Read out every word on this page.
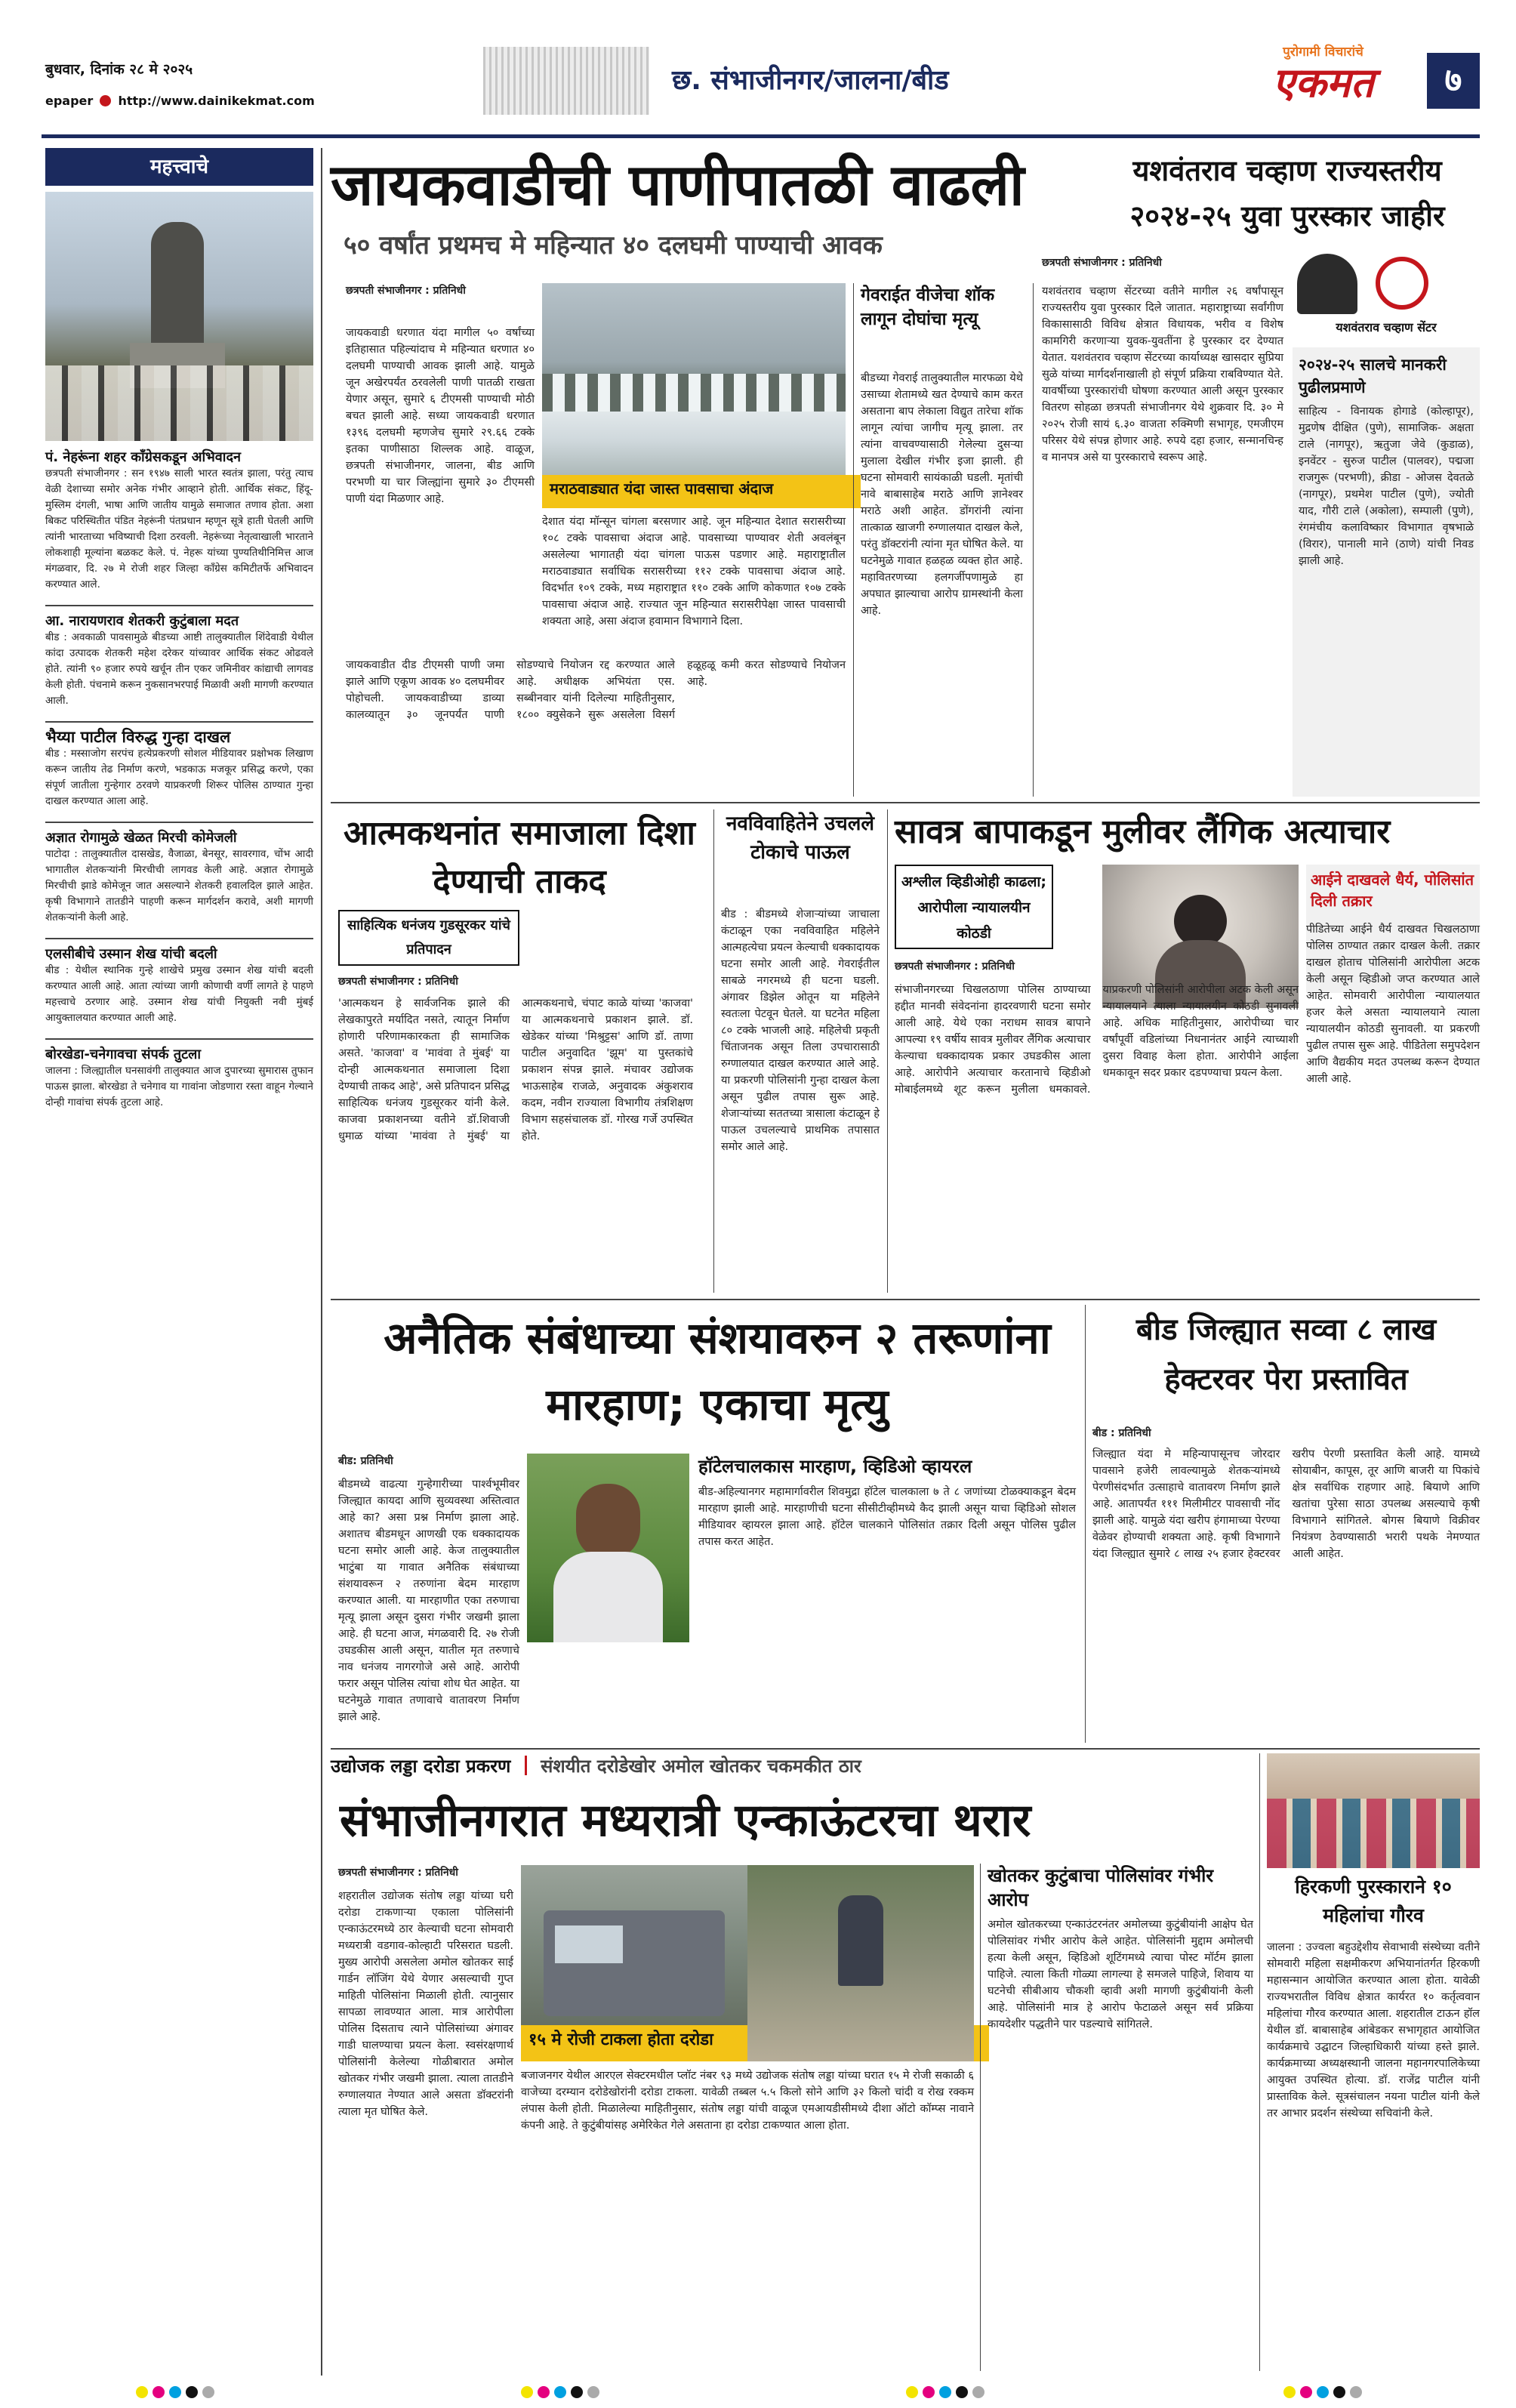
बुधवार, दिनांक २८ मे २०२५
epaper http://www.dainikekmat.com
छ. संभाजीनगर/जालना/बीड
पुरोगामी विचारांचे
एकमत	७
महत्त्वाचे
पं. नेहरूंना शहर काँग्रेसकडून अभिवादन
छत्रपती संभाजीनगर : सन १९४७ साली भारत स्वतंत्र झाला, परंतु त्याच वेळी देशाच्या समोर अनेक गंभीर आव्हाने होती. आर्थिक संकट, हिंदू-मुस्लिम दंगली, भाषा आणि जातीय यामुळे समाजात तणाव होता. अशा बिकट परिस्थितीत पंडित नेहरूंनी पंतप्रधान म्हणून सूत्रे हाती घेतली आणि त्यांनी भारताच्या भविष्याची दिशा ठरवली. नेहरूंच्या नेतृत्वाखाली भारताने लोकशाही मूल्यांना बळकट केले. पं. नेहरू यांच्या पुण्यतिथीनिमित्त आज मंगळवार, दि. २७ मे रोजी शहर जिल्हा काँग्रेस कमिटीतर्फे अभिवादन करण्यात आले.
आ. नारायणराव शेतकरी कुटुंबाला मदत
बीड : अवकाळी पावसामुळे बीडच्या आष्टी तालुक्यातील शिंदेवाडी येथील कांदा उत्पादक शेतकरी महेश दरेकर यांच्यावर आर्थिक संकट ओढवले होते. त्यांनी ९० हजार रुपये खर्चून तीन एकर जमिनीवर कांद्याची लागवड केली होती. पंचनामे करून नुकसानभरपाई मिळावी अशी मागणी करण्यात आली.
भैय्या पाटील विरुद्ध गुन्हा दाखल
बीड : मस्साजोग सरपंच हत्येप्रकरणी सोशल मीडियावर प्रक्षोभक लिखाण करून जातीय तेढ निर्माण करणे, भडकाऊ मजकूर प्रसिद्ध करणे, एका संपूर्ण जातीला गुन्हेगार ठरवणे याप्रकरणी शिरूर पोलिस ठाण्यात गुन्हा दाखल करण्यात आला आहे.
अज्ञात रोगामुळे खेळत मिरची कोमेजली
पाटोदा : तालुक्यातील दासखेड, वैजाळा, बेनसूर, सावरगाव, चोंभ आदी भागातील शेतकऱ्यांनी मिरचीची लागवड केली आहे. अज्ञात रोगामुळे मिरचीची झाडे कोमेजून जात असल्याने शेतकरी हवालदिल झाले आहेत. कृषी विभागाने तातडीने पाहणी करून मार्गदर्शन करावे, अशी मागणी शेतकऱ्यांनी केली आहे.
एलसीबीचे उस्मान शेख यांची बदली
बीड : येथील स्थानिक गुन्हे शाखेचे प्रमुख उस्मान शेख यांची बदली करण्यात आली आहे. आता त्यांच्या जागी कोणाची वर्णी लागते हे पाहणे महत्त्वाचे ठरणार आहे. उस्मान शेख यांची नियुक्ती नवी मुंबई आयुक्तालयात करण्यात आली आहे.
बोरखेडा-चनेगावचा संपर्क तुटला
जालना : जिल्ह्यातील घनसावंगी तालुक्यात आज दुपारच्या सुमारास तुफान पाऊस झाला. बोरखेडा ते चनेगाव या गावांना जोडणारा रस्ता वाहून गेल्याने दोन्ही गावांचा संपर्क तुटला आहे.
जायकवाडीची पाणीपातळी वाढली
५० वर्षांत प्रथमच मे महिन्यात ४० दलघमी पाण्याची आवक
छत्रपती संभाजीनगर : प्रतिनिधी
जायकवाडी धरणात यंदा मागील ५० वर्षांच्या इतिहासात पहिल्यांदाच मे महिन्यात धरणात ४० दलघमी पाण्याची आवक झाली आहे. यामुळे जून अखेरपर्यंत ठरवलेली पाणी पातळी राखता येणार असून, सुमारे ६ टीएमसी पाण्याची मोठी बचत झाली आहे. सध्या जायकवाडी धरणात १३९६ दलघमी म्हणजेच सुमारे २९.६६ टक्के इतका पाणीसाठा शिल्लक आहे. वाळूज, छत्रपती संभाजीनगर, जालना, बीड आणि परभणी या चार जिल्ह्यांना सुमारे ३० टीएमसी पाणी यंदा मिळणार आहे.
मराठवाड्यात यंदा जास्त पावसाचा अंदाज
देशात यंदा मॉन्सून चांगला बरसणार आहे. जून महिन्यात देशात सरासरीच्या १०८ टक्के पावसाचा अंदाज आहे. पावसाच्या पाण्यावर शेती अवलंबून असलेल्या भागातही यंदा चांगला पाऊस पडणार आहे. महाराष्ट्रातील मराठवाड्यात सर्वाधिक सरासरीच्या ११२ टक्के पावसाचा अंदाज आहे. विदर्भात १०९ टक्के, मध्य महाराष्ट्रात ११० टक्के आणि कोकणात १०७ टक्के पावसाचा अंदाज आहे. राज्यात जून महिन्यात सरासरीपेक्षा जास्त पावसाची शक्यता आहे, असा अंदाज हवामान विभागाने दिला.
जायकवाडीत दीड टीएमसी पाणी जमा झाले आणि एकूण आवक ४० दलघमीवर पोहोचली. जायकवाडीच्या डाव्या कालव्यातून ३० जूनपर्यंत पाणी सोडण्याचे नियोजन रद्द करण्यात आले आहे. अधीक्षक अभियंता एस. सब्बीनवार यांनी दिलेल्या माहितीनुसार, १८०० क्युसेकने सुरू असलेला विसर्ग हळूहळू कमी करत सोडण्याचे नियोजन आहे.
गेवराईत वीजेचा शॉक लागून दोघांचा मृत्यू
बीडच्या गेवराई तालुक्यातील मारफळा येथे उसाच्या शेतामध्ये खत देण्याचे काम करत असताना बाप लेकाला विद्युत तारेचा शॉक लागून त्यांचा जागीच मृत्यू झाला. तर त्यांना वाचवण्यासाठी गेलेल्या दुसऱ्या मुलाला देखील गंभीर इजा झाली. ही घटना सोमवारी सायंकाळी घडली. मृतांची नावे बाबासाहेब मराठे आणि ज्ञानेश्वर मराठे अशी आहेत. डोंगरांनी त्यांना तात्काळ खाजगी रुग्णालयात दाखल केले, परंतु डॉक्टरांनी त्यांना मृत घोषित केले. या घटनेमुळे गावात हळहळ व्यक्त होत आहे. महावितरणच्या हलगर्जीपणामुळे हा अपघात झाल्याचा आरोप ग्रामस्थांनी केला आहे.
यशवंतराव चव्हाण राज्यस्तरीय २०२४-२५ युवा पुरस्कार जाहीर
छत्रपती संभाजीनगर : प्रतिनिधी
यशवंतराव चव्हाण सेंटरच्या वतीने मागील २६ वर्षांपासून राज्यस्तरीय युवा पुरस्कार दिले जातात. महाराष्ट्राच्या सर्वांगीण विकासासाठी विविध क्षेत्रात विधायक, भरीव व विशेष कामगिरी करणाऱ्या युवक-युवतींना हे पुरस्कार दर देण्यात येतात. यशवंतराव चव्हाण सेंटरच्या कार्याध्यक्ष खासदार सुप्रिया सुळे यांच्या मार्गदर्शनाखाली हो संपूर्ण प्रक्रिया राबविण्यात येते. यावर्षीच्या पुरस्कारांची घोषणा करण्यात आली असून पुरस्कार वितरण सोहळा छत्रपती संभाजीनगर येथे शुक्रवार दि. ३० मे २०२५ रोजी सायं ६.३० वाजता रुक्मिणी सभागृह, एमजीएम परिसर येथे संपन्न होणार आहे. रुपये दहा हजार, सन्मानचिन्ह व मानपत्र असे या पुरस्काराचे स्वरूप आहे.
यशवंतराव चव्हाण सेंटर
२०२४-२५ सालचे मानकरी पुढीलप्रमाणे
साहित्य - विनायक होगाडे (कोल्हापूर), मुद्रणेष दीक्षित (पुणे), सामाजिक- अक्षता टाले (नागपूर), ऋतुजा जेवे (कुडाळ), इनवेंटर - सुरुज पाटील (पालवर), पद्मजा राजगुरू (परभणी), क्रीडा - ओजस देवतळे (नागपूर), प्रथमेश पाटील (पुणे), ज्योती याद, गौरी टाले (अकोला), सम्पाली (पुणे), रंगमंचीय कलाविष्कार विभागात वृषभाळे (विरार), पानाली माने (ठाणे) यांची निवड झाली आहे.
आत्मकथनांत समाजाला दिशा देण्याची ताकद
साहित्यिक धनंजय गुडसूरकर यांचे प्रतिपादन
छत्रपती संभाजीनगर : प्रतिनिधी
'आत्मकथन हे सार्वजनिक झाले की लेखकापुरते मर्यादित नसते, त्यातून निर्माण होणारी परिणामकारकता ही सामाजिक असते. 'काजवा' व 'मावंवा ते मुंबई' या दोन्ही आत्मकथनात समाजाला दिशा देण्याची ताकद आहे', असे प्रतिपादन प्रसिद्ध साहित्यिक धनंजय गुडसूरकर यांनी केले. काजवा प्रकाशनच्या वतीने डॉ.शिवाजी धुमाळ यांच्या 'मावंवा ते मुंबई' या आत्मकथनाचे, चंपाट काळे यांच्या 'काजवा' या आत्मकथनाचे प्रकाशन झाले. डॉ. खेडेकर यांच्या 'मिश्रुट्टस' आणि डॉ. ताणा पाटील अनुवादित 'झूम' या पुस्तकांचे प्रकाशन संपन्न झाले. मंचावर उद्योजक भाऊसाहेब राजळे, अनुवादक अंकुशराव कदम, नवीन राज्याला विभागीय तंत्रशिक्षण विभाग सहसंचालक डॉ. गोरख गर्जे उपस्थित होते.
नवविवाहितेने उचलले टोकाचे पाऊल
बीड : बीडमध्ये शेजाऱ्यांच्या जाचाला कंटाळून एका नवविवाहित महिलेने आत्महत्येचा प्रयत्न केल्याची धक्कादायक घटना समोर आली आहे. गेवराईतील साबळे नगरमध्ये ही घटना घडली. अंगावर डिझेल ओतून या महिलेने स्वतःला पेटवून घेतले. या घटनेत महिला ८० टक्के भाजली आहे. महिलेची प्रकृती चिंताजनक असून तिला उपचारासाठी रुग्णालयात दाखल करण्यात आले आहे. या प्रकरणी पोलिसांनी गुन्हा दाखल केला असून पुढील तपास सुरू आहे. शेजाऱ्यांच्या सततच्या त्रासाला कंटाळून हे पाऊल उचलल्याचे प्राथमिक तपासात समोर आले आहे.
सावत्र बापाकडून मुलीवर लैंगिक अत्याचार
अश्लील व्हिडीओही काढला; आरोपीला न्यायालयीन कोठडी
छत्रपती संभाजीनगर : प्रतिनिधी
संभाजीनगरच्या चिखलठाणा पोलिस ठाण्याच्या हद्दीत मानवी संवेदनांना हादरवणारी घटना समोर आली आहे. येथे एका नराधम सावत्र बापाने आपल्या १९ वर्षीय सावत्र मुलीवर लैंगिक अत्याचार केल्याचा धक्कादायक प्रकार उघडकीस आला आहे. आरोपीने अत्याचार करतानाचे व्हिडीओ मोबाईलमध्ये शूट करून मुलीला धमकावले. याप्रकरणी पोलिसांनी आरोपीला अटक केली असून न्यायालयाने त्याला न्यायालयीन कोठडी सुनावली आहे. अधिक माहितीनुसार, आरोपीच्या चार वर्षांपूर्वी वडिलांच्या निधनानंतर आईने त्याच्याशी दुसरा विवाह केला होता. आरोपीने आईला धमकावून सदर प्रकार दडपण्याचा प्रयत्न केला.
आईने दाखवले धैर्य, पोलिसांत दिली तक्रार
पीडितेच्या आईने धैर्य दाखवत चिखलठाणा पोलिस ठाण्यात तक्रार दाखल केली. तक्रार दाखल होताच पोलिसांनी आरोपीला अटक केली असून व्हिडीओ जप्त करण्यात आले आहेत. सोमवारी आरोपीला न्यायालयात हजर केले असता न्यायालयाने त्याला न्यायालयीन कोठडी सुनावली. या प्रकरणी पुढील तपास सुरू आहे. पीडितेला समुपदेशन आणि वैद्यकीय मदत उपलब्ध करून देण्यात आली आहे.
अनैतिक संबंधाच्या संशयावरुन २ तरूणांना मारहाण; एकाचा मृत्यु
बीड: प्रतिनिधी
बीडमध्ये वाढत्या गुन्हेगारीच्या पार्श्वभूमीवर जिल्ह्यात कायदा आणि सुव्यवस्था अस्तित्वात आहे का? असा प्रश्न निर्माण झाला आहे. अशातच बीडमधून आणखी एक धक्कादायक घटना समोर आली आहे. केज तालुक्यातील भाटुंबा या गावात अनैतिक संबंधाच्या संशयावरून २ तरुणांना बेदम मारहाण करण्यात आली. या मारहाणीत एका तरुणाचा मृत्यू झाला असून दुसरा गंभीर जखमी झाला आहे. ही घटना आज, मंगळवारी दि. २७ रोजी उघडकीस आली असून, यातील मृत तरुणाचे नाव धनंजय नागरगोजे असे आहे. आरोपी फरार असून पोलिस त्यांचा शोध घेत आहेत. या घटनेमुळे गावात तणावाचे वातावरण निर्माण झाले आहे.
हॉटेलचालकास मारहाण, व्हिडिओ व्हायरल
बीड-अहिल्यानगर महामार्गावरील शिवमुद्रा हॉटेल चालकाला ७ ते ८ जणांच्या टोळक्याकडून बेदम मारहाण झाली आहे. मारहाणीची घटना सीसीटीव्हीमध्ये कैद झाली असून याचा व्हिडिओ सोशल मीडियावर व्हायरल झाला आहे. हॉटेल चालकाने पोलिसांत तक्रार दिली असून पोलिस पुढील तपास करत आहेत.
बीड जिल्ह्यात सव्वा ८ लाख हेक्टरवर पेरा प्रस्तावित
बीड : प्रतिनिधी
जिल्ह्यात यंदा मे महिन्यापासूनच जोरदार पावसाने हजेरी लावल्यामुळे शेतकऱ्यांमध्ये पेरणीसंदर्भात उत्साहाचे वातावरण निर्माण झाले आहे. आतापर्यंत १११ मिलीमीटर पावसाची नोंद झाली आहे. यामुळे यंदा खरीप हंगामाच्या पेरण्या वेळेवर होण्याची शक्यता आहे. कृषी विभागाने यंदा जिल्ह्यात सुमारे ८ लाख २५ हजार हेक्टरवर खरीप पेरणी प्रस्तावित केली आहे. यामध्ये सोयाबीन, कापूस, तूर आणि बाजरी या पिकांचे क्षेत्र सर्वाधिक राहणार आहे. बियाणे आणि खतांचा पुरेसा साठा उपलब्ध असल्याचे कृषी विभागाने सांगितले. बोगस बियाणे विक्रीवर नियंत्रण ठेवण्यासाठी भरारी पथके नेमण्यात आली आहेत.
उद्योजक लड्डा दरोडा प्रकरण संशयीत दरोडेखोर अमोल खोतकर चकमकीत ठार
संभाजीनगरात मध्यरात्री एन्काऊंटरचा थरार
छत्रपती संभाजीनगर : प्रतिनिधी
शहरातील उद्योजक संतोष लड्डा यांच्या घरी दरोडा टाकणाऱ्या एकाला पोलिसांनी एन्काऊंटरमध्ये ठार केल्याची घटना सोमवारी मध्यरात्री वडगाव-कोल्हाटी परिसरात घडली. मुख्य आरोपी असलेला अमोल खोतकर साई गार्डन लॉजिंग येथे येणार असल्याची गुप्त माहिती पोलिसांना मिळाली होती. त्यानुसार सापळा लावण्यात आला. मात्र आरोपीला पोलिस दिसताच त्याने पोलिसांच्या अंगावर गाडी घालण्याचा प्रयत्न केला. स्वसंरक्षणार्थ पोलिसांनी केलेल्या गोळीबारात अमोल खोतकर गंभीर जखमी झाला. त्याला तातडीने रुग्णालयात नेण्यात आले असता डॉक्टरांनी त्याला मृत घोषित केले.
१५ मे रोजी टाकला होता दरोडा
बजाजनगर येथील आरएल सेक्टरमधील प्लॉट नंबर ९३ मध्ये उद्योजक संतोष लड्डा यांच्या घरात १५ मे रोजी सकाळी ६ वाजेच्या दरम्यान दरोडेखोरांनी दरोडा टाकला. यावेळी तब्बल ५.५ किलो सोने आणि ३२ किलो चांदी व रोख रक्कम लंपास केली होती. मिळालेल्या माहितीनुसार, संतोष लड्डा यांची वाळूज एमआयडीसीमध्ये दीशा ऑटो कॉम्प्स नावाने कंपनी आहे. ते कुटुंबीयांसह अमेरिकेत गेले असताना हा दरोडा टाकण्यात आला होता.
खोतकर कुटुंबाचा पोलिसांवर गंभीर आरोप
अमोल खोतकरच्या एन्काउंटरनंतर अमोलच्या कुटुंबीयांनी आक्षेप घेत पोलिसांवर गंभीर आरोप केले आहेत. पोलिसांनी मुद्दाम अमोलची हत्या केली असून, व्हिडिओ शूटिंगमध्ये त्याचा पोस्ट मॉर्टम झाला पाहिजे. त्याला किती गोळ्या लागल्या हे समजले पाहिजे, शिवाय या घटनेची सीबीआय चौकशी व्हावी अशी मागणी कुटुंबीयांनी केली आहे. पोलिसांनी मात्र हे आरोप फेटाळले असून सर्व प्रक्रिया कायदेशीर पद्धतीने पार पडल्याचे सांगितले.
हिरकणी पुरस्काराने १० महिलांचा गौरव
जालना : उज्वला बहुउद्देशीय सेवाभावी संस्थेच्या वतीने सोमवारी महिला सक्षमीकरण अभियानांतर्गत हिरकणी महासन्मान आयोजित करण्यात आला होता. यावेळी राज्यभरातील विविध क्षेत्रात कार्यरत १० कर्तृत्ववान महिलांचा गौरव करण्यात आला. शहरातील टाऊन हॉल येथील डॉ. बाबासाहेब आंबेडकर सभागृहात आयोजित कार्यक्रमाचे उद्घाटन जिल्हाधिकारी यांच्या हस्ते झाले. कार्यक्रमाच्या अध्यक्षस्थानी जालना महानगरपालिकेच्या आयुक्त उपस्थित होत्या. डॉ. राजेंद्र पाटील यांनी प्रास्ताविक केले. सूत्रसंचालन नयना पाटील यांनी केले तर आभार प्रदर्शन संस्थेच्या सचिवांनी केले.
